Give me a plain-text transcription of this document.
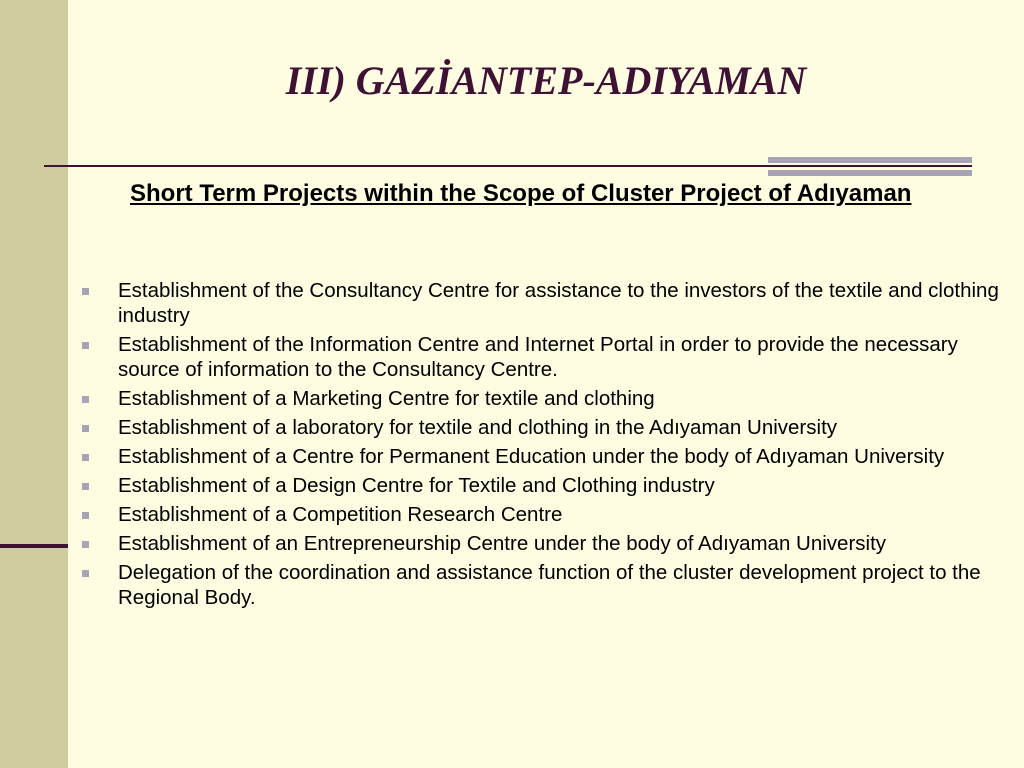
III) GAZİANTEP-ADIYAMAN
Short Term Projects within the Scope of Cluster Project of Adıyaman
Establishment of the Consultancy Centre for assistance to the investors of the textile and clothing industry
Establishment of the Information Centre and Internet Portal in order to provide the necessary source of information to the Consultancy Centre.
Establishment of a Marketing Centre for textile and clothing
Establishment of a laboratory for textile and clothing in the Adıyaman University
Establishment of a Centre for Permanent Education under the body of Adıyaman University
Establishment of a Design Centre for Textile and Clothing industry
Establishment of a Competition Research Centre
Establishment of an Entrepreneurship Centre under the body of Adıyaman University
Delegation of the coordination and assistance function of the cluster development project to the Regional Body.
